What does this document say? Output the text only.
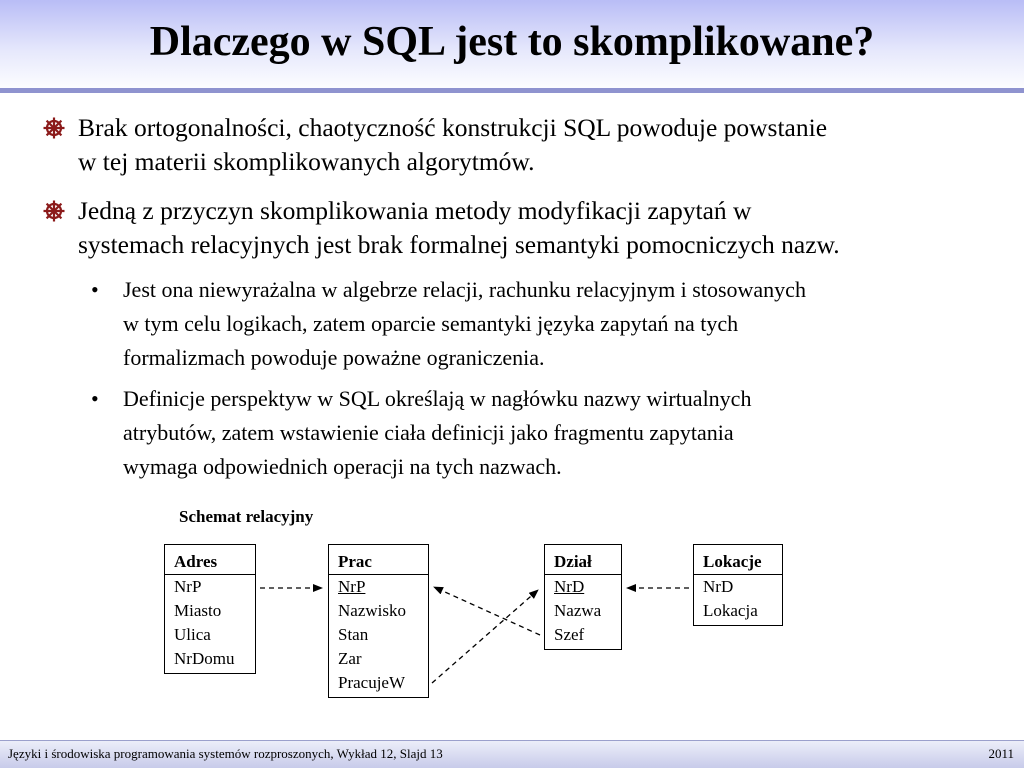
Dlaczego w SQL jest to skomplikowane?
Brak ortogonalności, chaotyczność konstrukcji SQL powoduje powstanie
w tej materii skomplikowanych algorytmów.
Jedną z przyczyn skomplikowania metody modyfikacji zapytań w
systemach relacyjnych jest brak formalnej semantyki pomocniczych nazw.
• Jest ona niewyrażalna w algebrze relacji, rachunku relacyjnym i stosowanych
w tym celu logikach, zatem oparcie semantyki języka zapytań na tych
formalizmach powoduje poważne ograniczenia.
• Definicje perspektyw w SQL określają w nagłówku nazwy wirtualnych
atrybutów, zatem wstawienie ciała definicji jako fragmentu zapytania
wymaga odpowiednich operacji na tych nazwach.
Schemat relacyjny
Adres
NrP
Miasto
Ulica
NrDomu
Prac
NrP
Nazwisko
Stan
Zar
PracujeW
Dział
NrD
Nazwa
Szef
Lokacje
NrD
Lokacja
Języki i środowiska programowania systemów rozproszonych, Wykład 12, Slajd 13	2011
